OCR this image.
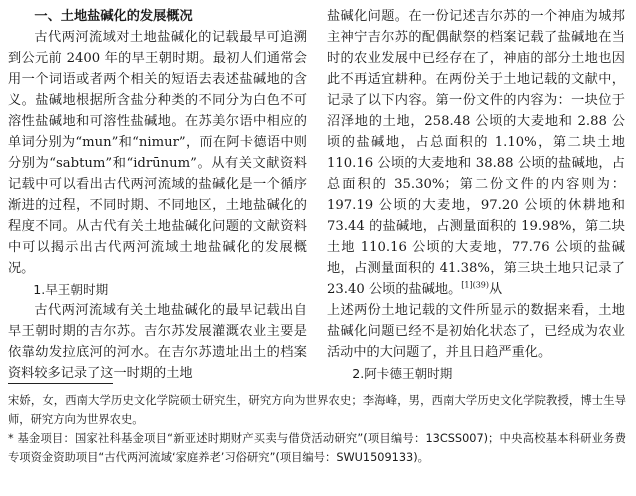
一、土地盐碱化的发展概况

古代两河流域对土地盐碱化的记载最早可追溯到公元前 2400 年的早王朝时期。最初人们通常会用一个词语或者两个相关的短语去表述盐碱地的含义。盐碱地根据所含盐分种类的不同分为白色不可溶性盐碱地和可溶性盐碱地。在苏美尔语中相应的单词分别为“mun”和“nimur”，而在阿卡德语中则分别为“sabtum”和“idrūnum”。从有关文献资料记载中可以看出古代两河流域的盐碱化是一个循序渐进的过程，不同时期、不同地区，土地盐碱化的程度不同。从古代有关土地盐碱化问题的文献资料中可以揭示出古代两河流域土地盐碱化的发展概况。

1.早王朝时期

古代两河流域有关土地盐碱化的最早记载出自早王朝时期的吉尔苏。吉尔苏发展灌溉农业主要是依靠幼发拉底河的河水。在吉尔苏遗址出土的档案资料较多记录了这一时期的土地

盐碱化问题。在一份记述吉尔苏的一个神庙为城邦主神宁吉尔苏的配偶献祭的档案记载了盐碱地在当时的农业发展中已经存在了，神庙的部分土地也因此不再适宜耕种。在两份关于土地记载的文献中，记录了以下内容。第一份文件的内容为：一块位于沼泽地的土地，258.48 公顷的大麦地和 2.88 公顷的盐碱地，占总面积的 1.10%，第二块土地 110.16 公顷的大麦地和 38.88 公顷的盐碱地，占总面积的 35.30%；第二份文件的内容则为：197.19 公顷的大麦地，97.20 公顷的休耕地和 73.44 的盐碱地，占测量面积的 19.98%，第二块土地 110.16 公顷的大麦地，77.76 公顷的盐碱地，占测量面积的 41.38%，第三块土地只记录了 23.40 公顷的盐碱地。$^{[1](39)}$从

上述两份土地记载的文件所显示的数据来看，土地盐碱化问题已经不是初始化状态了，已经成为农业活动中的大问题了，并且日趋严重化。

2.阿卡德王朝时期

宋娇，女，西南大学历史文化学院硕士研究生，研究方向为世界农史；李海峰，男，西南大学历史文化学院教授，博士生导师，研究方向为世界农史。

* 基金项目：国家社科基金项目“新亚述时期财产买卖与借贷活动研究”(项目编号：13CSS007)；中央高校基本科研业务费专项资金资助项目“古代两河流域‘家庭养老’习俗研究”(项目编号：SWU1509133)。
